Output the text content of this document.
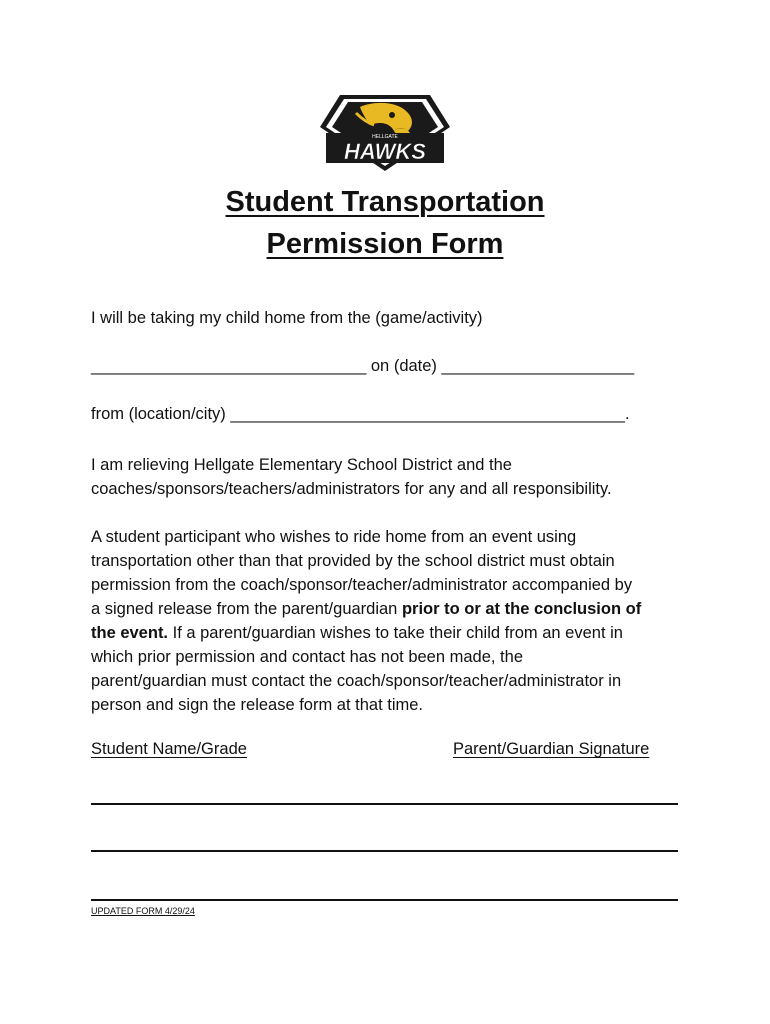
HELLGATE
HAWKS
Student Transportation
Permission Form
I will be taking my child home from the (game/activity)
______________________________ on (date) _____________________
from (location/city) ___________________________________________.
I am relieving Hellgate Elementary School District and the
coaches/sponsors/teachers/administrators for any and all responsibility.
A student participant who wishes to ride home from an event using
transportation other than that provided by the school district must obtain
permission from the coach/sponsor/teacher/administrator accompanied by
a signed release from the parent/guardian prior to or at the conclusion of
the event. If a parent/guardian wishes to take their child from an event in
which prior permission and contact has not been made, the
parent/guardian must contact the coach/sponsor/teacher/administrator in
person and sign the release form at that time.
Student Name/Grade	Parent/Guardian Signature
UPDATED FORM 4/29/24
